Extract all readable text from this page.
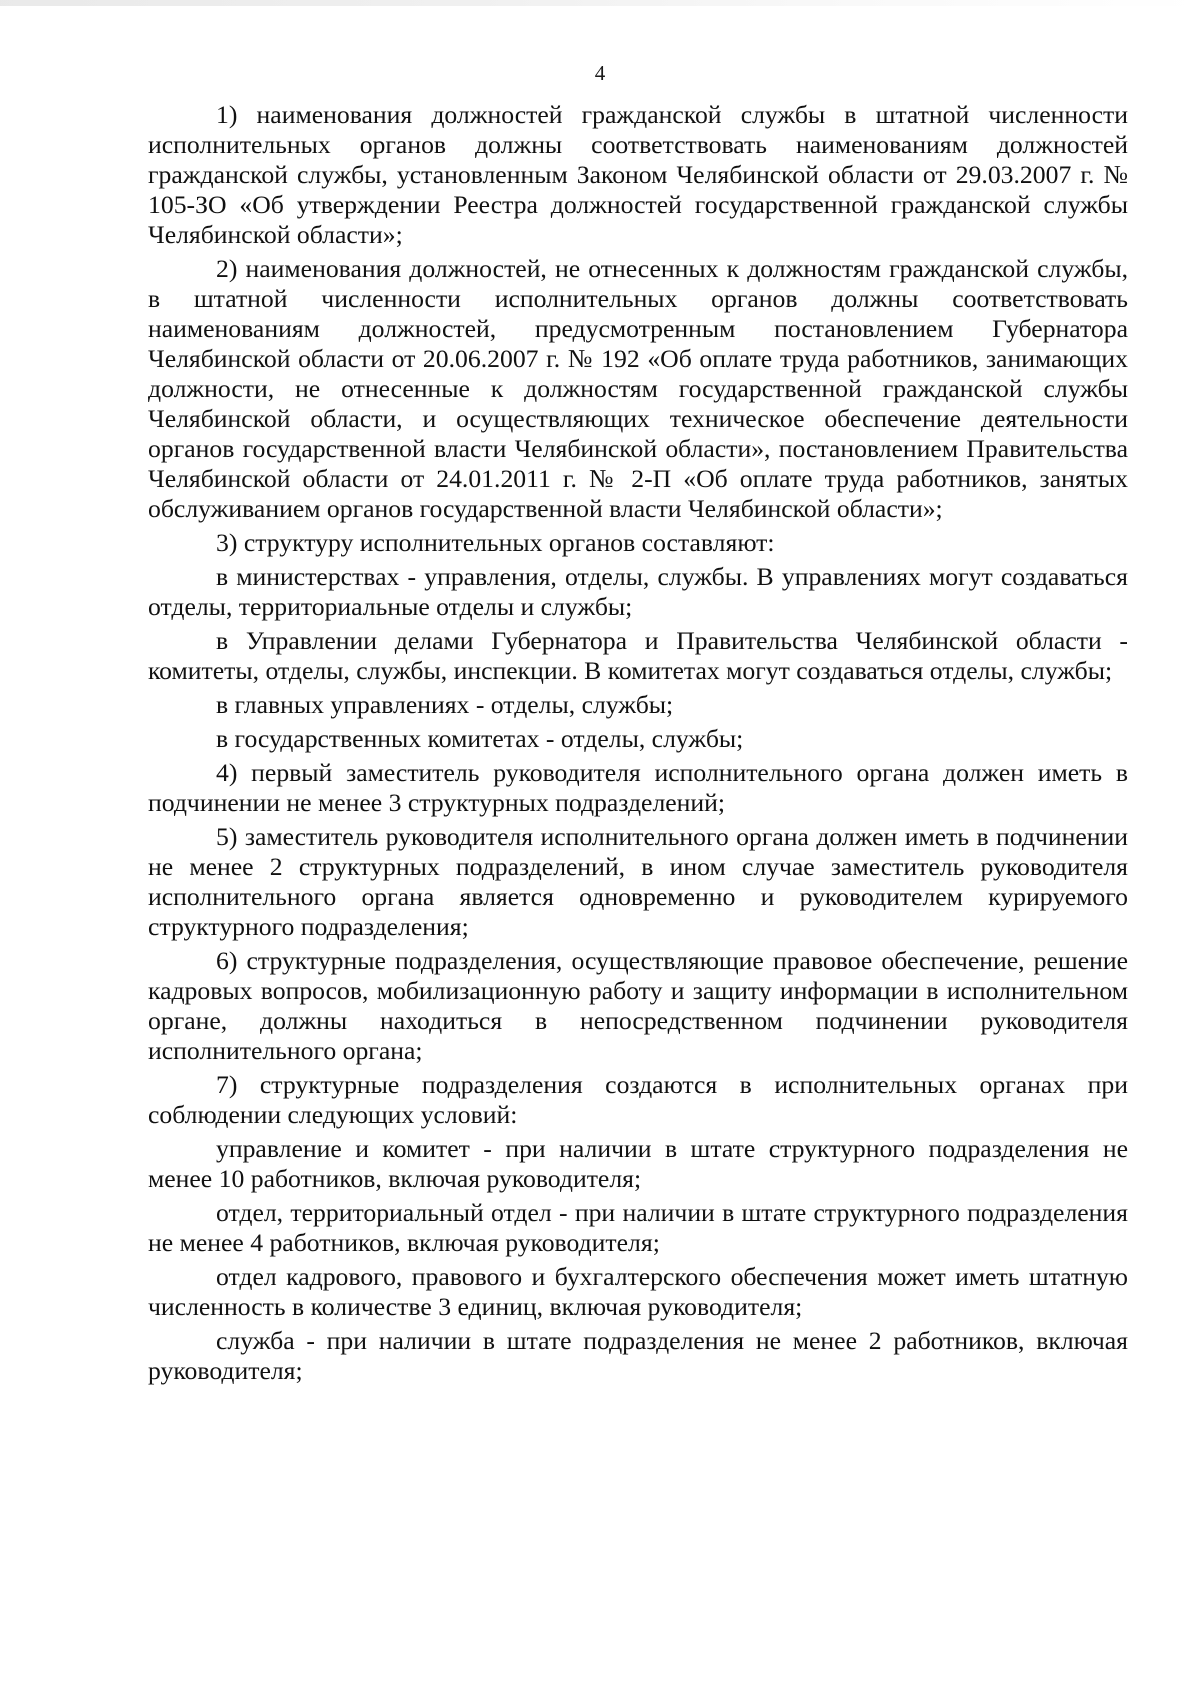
4

1) наименования должностей гражданской службы в штатной численности исполнительных органов должны соответствовать наименованиям должностей гражданской службы, установленным Законом Челябинской области от 29.03.2007 г. № 105-ЗО «Об утверждении Реестра должностей государственной гражданской службы Челябинской области»;

2) наименования должностей, не отнесенных к должностям гражданской службы, в штатной численности исполнительных органов должны соответствовать наименованиям должностей, предусмотренным постановлением Губернатора Челябинской области от 20.06.2007 г. № 192 «Об оплате труда работников, занимающих должности, не отнесенные к должностям государственной гражданской службы Челябинской области, и осуществляющих техническое обеспечение деятельности органов государственной власти Челябинской области», постановлением Правительства Челябинской области от 24.01.2011 г. № 2-П «Об оплате труда работников, занятых обслуживанием органов государственной власти Челябинской области»;

3) структуру исполнительных органов составляют:

в министерствах - управления, отделы, службы. В управлениях могут создаваться отделы, территориальные отделы и службы;

в Управлении делами Губернатора и Правительства Челябинской области - комитеты, отделы, службы, инспекции. В комитетах могут создаваться отделы, службы;

в главных управлениях - отделы, службы;

в государственных комитетах - отделы, службы;

4) первый заместитель руководителя исполнительного органа должен иметь в подчинении не менее 3 структурных подразделений;

5) заместитель руководителя исполнительного органа должен иметь в подчинении не менее 2 структурных подразделений, в ином случае заместитель руководителя исполнительного органа является одновременно и руководителем курируемого структурного подразделения;

6) структурные подразделения, осуществляющие правовое обеспечение, решение кадровых вопросов, мобилизационную работу и защиту информации в исполнительном органе, должны находиться в непосредственном подчинении руководителя исполнительного органа;

7) структурные подразделения создаются в исполнительных органах при соблюдении следующих условий:

управление и комитет - при наличии в штате структурного подразделения не менее 10 работников, включая руководителя;

отдел, территориальный отдел - при наличии в штате структурного подразделения не менее 4 работников, включая руководителя;

отдел кадрового, правового и бухгалтерского обеспечения может иметь штатную численность в количестве 3 единиц, включая руководителя;

служба - при наличии в штате подразделения не менее 2 работников, включая руководителя;
